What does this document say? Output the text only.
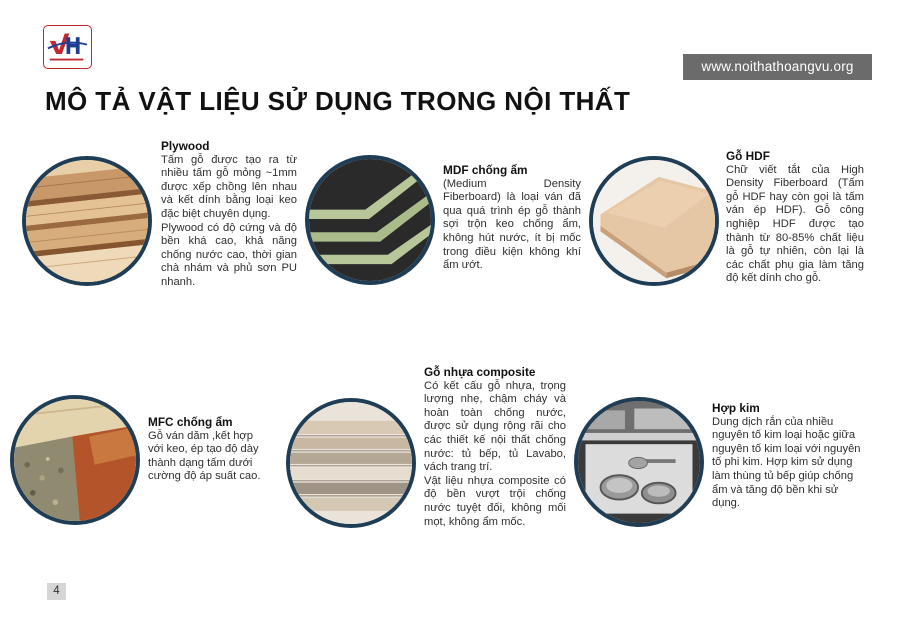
www.noithathoangvu.org
MÔ TẢ VẬT LIỆU SỬ DỤNG TRONG NỘI THẤT
Plywood

Tấm gỗ được tạo ra từ nhiều tấm gỗ mỏng ~1mm được xếp chồng lên nhau và kết dính bằng loại keo đặc biệt chuyên dụng.

Plywood có độ cứng và độ bền khá cao, khả năng chống nước cao, thời gian chà nhám và phủ sơn PU nhanh.

MDF chống ẩm

(Medium Density Fiberboard) là loại ván đã qua quá trình ép gỗ thành sợi trộn keo chống ẩm, không hút nước, ít bị mốc trong điều kiện không khí ẩm ướt.

Gỗ HDF

Chữ viết tắt của High Density Fiberboard (Tấm gỗ HDF hay còn gọi là tấm ván ép HDF). Gỗ công nghiệp HDF được tạo thành từ 80-85% chất liệu là gỗ tự nhiên, còn lại là các chất phụ gia làm tăng độ kết dính cho gỗ.

MFC chống ẩm

Gỗ ván dăm ,kết hợp với keo, ép tạo độ dày thành dạng tấm dưới cường độ áp suất cao.

Gỗ nhựa composite

Có kết cấu gỗ nhựa, trọng lượng nhẹ, chậm cháy và hoàn toàn chống nước, được sử dụng rộng rãi cho các thiết kế nội thất chống nước: tủ bếp, tủ Lavabo, vách trang trí.

Vật liệu nhựa composite có độ bền vượt trội chống nước tuyệt đối, không mối mọt, không ẩm mốc.

Hợp kim

Dung dịch rắn của nhiều nguyên tố kim loại hoặc giữa nguyên tố kim loại với nguyên tố phi kim. Hợp kim sử dụng làm thùng tủ bếp giúp chống ẩm và tăng độ bền khi sử dụng.

4
